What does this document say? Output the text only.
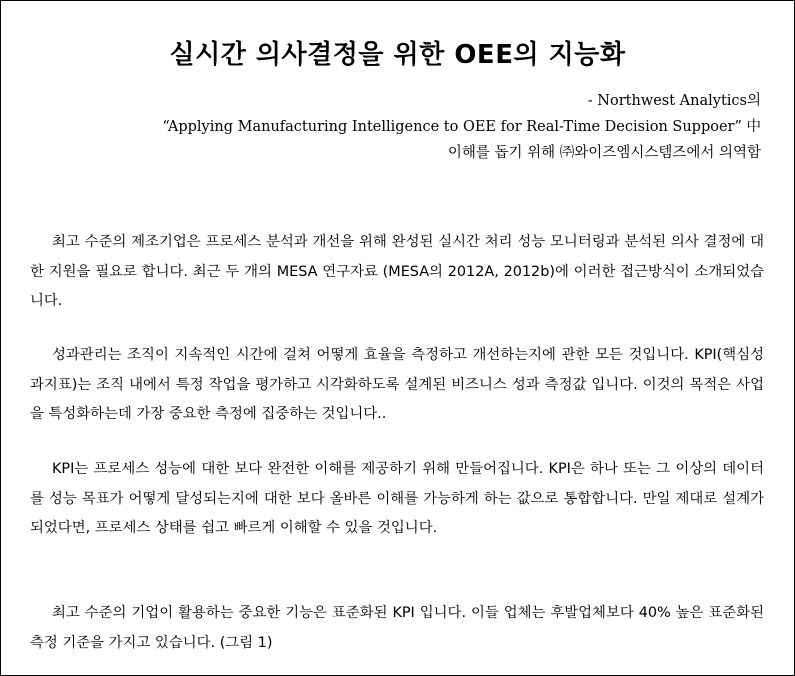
실시간 의사결정을 위한 OEE의 지능화
- Northwest Analytics의
“Applying Manufacturing Intelligence to OEE for Real-Time Decision Suppoer” 中
이해를 돕기 위해 ㈜와이즈엠시스템즈에서 의역함

최고 수준의 제조기업은 프로세스 분석과 개선을 위해 완성된 실시간 처리 성능 모니터링과 분석된 의사 결정에 대한 지원을 필요로 합니다. 최근 두 개의 MESA 연구자료 (MESA의 2012A, 2012b)에 이러한 접근방식이 소개되었습니다.

성과관리는 조직이 지속적인 시간에 걸쳐 어떻게 효율을 측정하고 개선하는지에 관한 모든 것입니다. KPI(핵심성과지표)는 조직 내에서 특정 작업을 평가하고 시각화하도록 설계된 비즈니스 성과 측정값 입니다. 이것의 목적은 사업을 특성화하는데 가장 중요한 측정에 집중하는 것입니다..

KPI는 프로세스 성능에 대한 보다 완전한 이해를 제공하기 위해 만들어집니다. KPI은 하나 또는 그 이상의 데이터를 성능 목표가 어떻게 달성되는지에 대한 보다 올바른 이해를 가능하게 하는 값으로 통합합니다. 만일 제대로 설계가 되었다면, 프로세스 상태를 쉽고 빠르게 이해할 수 있을 것입니다.

최고 수준의 기업이 활용하는 중요한 기능은 표준화된 KPI 입니다. 이들 업체는 후발업체보다 40% 높은 표준화된 측정 기준을 가지고 있습니다. (그림 1)
